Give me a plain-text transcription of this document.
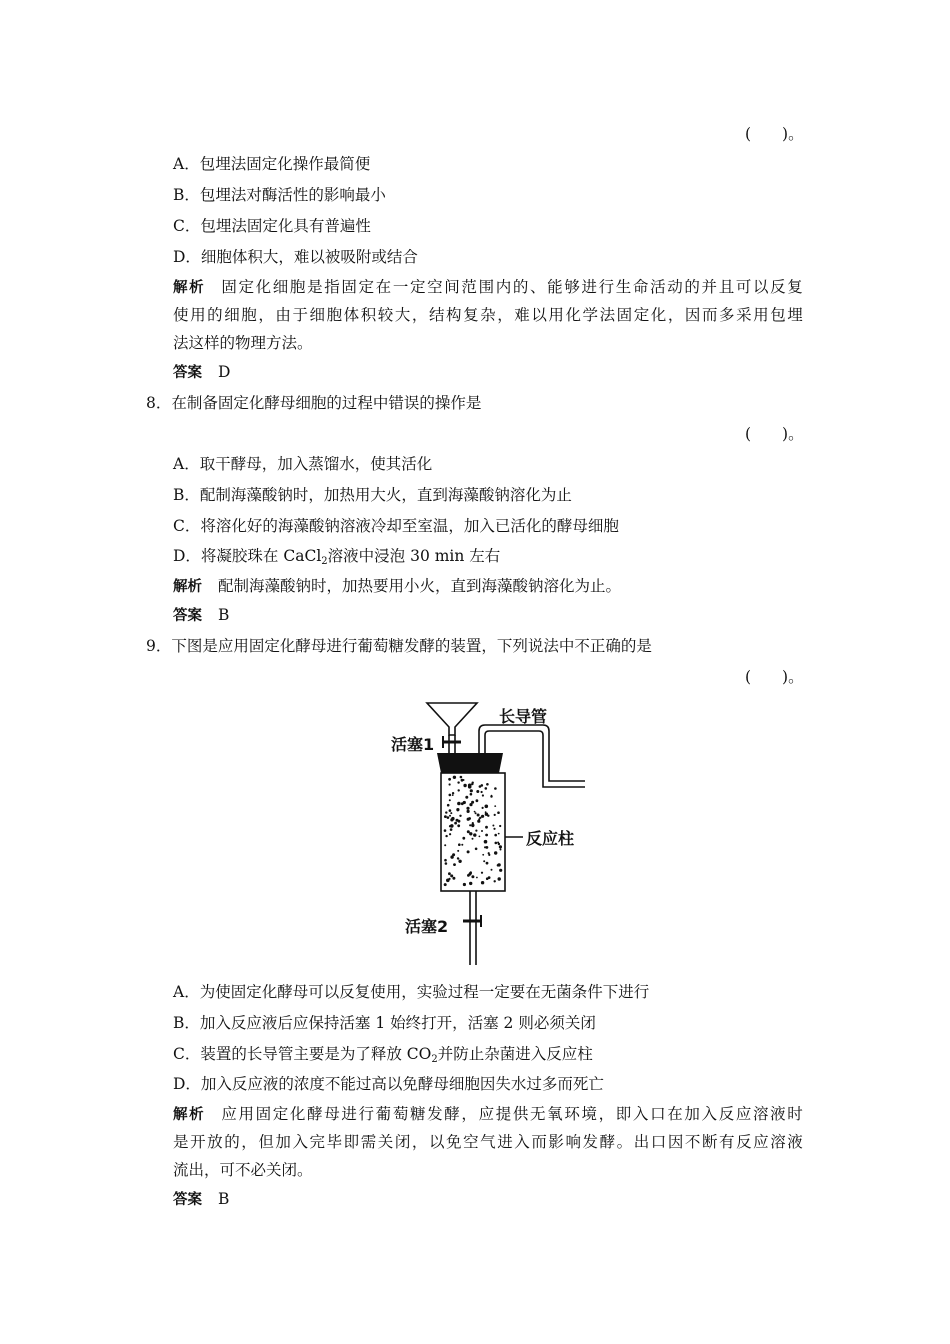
(　　)。
A．包埋法固定化操作最简便
B．包埋法对酶活性的影响最小
C．包埋法固定化具有普遍性
D．细胞体积大，难以被吸附或结合
解析 固定化细胞是指固定在一定空间范围内的、能够进行生命活动的并且可以反复
使用的细胞，由于细胞体积较大，结构复杂，难以用化学法固定化，因而多采用包埋
法这样的物理方法。
答案 D
8．在制备固定化酵母细胞的过程中错误的操作是
(　　)。
A．取干酵母，加入蒸馏水，使其活化
B．配制海藻酸钠时，加热用大火，直到海藻酸钠溶化为止
C．将溶化好的海藻酸钠溶液冷却至室温，加入已活化的酵母细胞
D．将凝胶珠在 CaCl$_2$溶液中浸泡 30 min 左右
解析 配制海藻酸钠时，加热要用小火，直到海藻酸钠溶化为止。
答案 B
9．下图是应用固定化酵母进行葡萄糖发酵的装置，下列说法中不正确的是
(　　)。
长导管
活塞1
反应柱
活塞2
A．为使固定化酵母可以反复使用，实验过程一定要在无菌条件下进行
B．加入反应液后应保持活塞 1 始终打开，活塞 2 则必须关闭
C．装置的长导管主要是为了释放 $CO_2$并防止杂菌进入反应柱
D．加入反应液的浓度不能过高以免酵母细胞因失水过多而死亡
解析 应用固定化酵母进行葡萄糖发酵，应提供无氧环境，即入口在加入反应溶液时
是开放的，但加入完毕即需关闭，以免空气进入而影响发酵。出口因不断有反应溶液
流出，可不必关闭。
答案 B
